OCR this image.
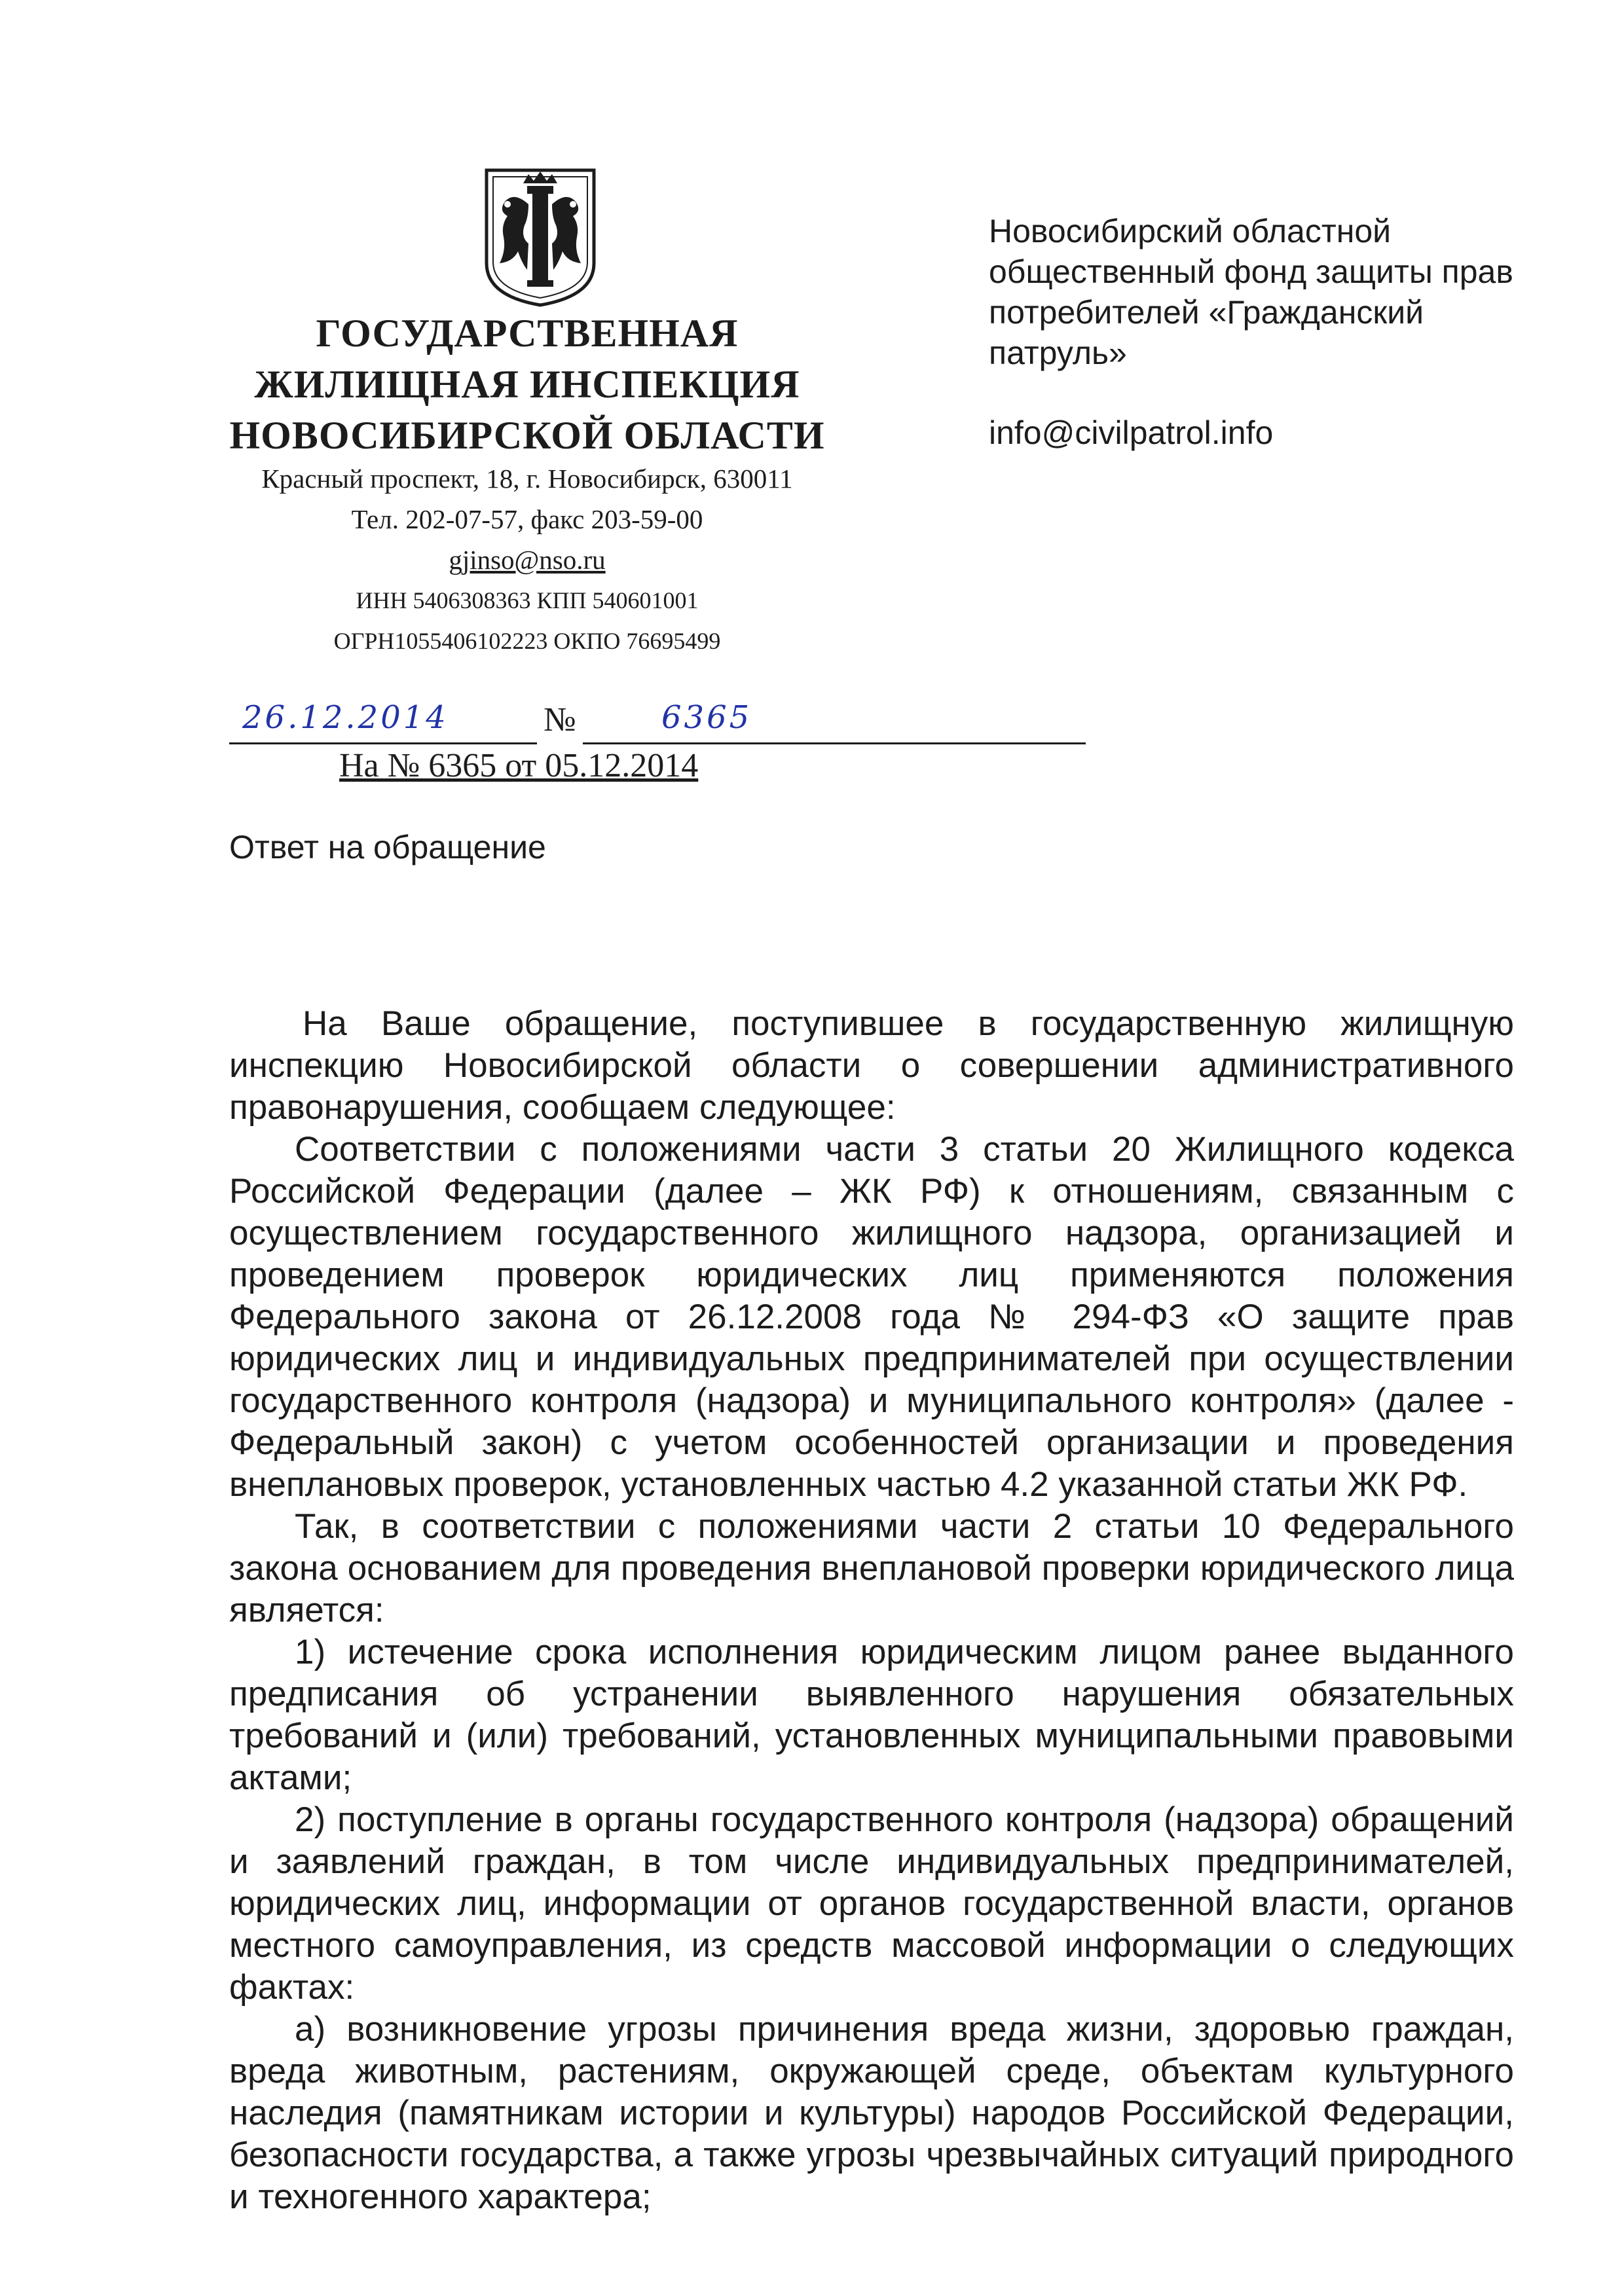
ГОСУДАРСТВЕННАЯ
ЖИЛИЩНАЯ ИНСПЕКЦИЯ
НОВОСИБИРСКОЙ ОБЛАСТИ
Красный проспект, 18, г. Новосибирск, 630011
Тел. 202-07-57, факс 203-59-00
gjinso@nso.ru
ИНН 5406308363 КПП 540601001
ОГРН1055406102223 ОКПО 76695499
Новосибирский областной
общественный фонд защиты прав
потребителей «Гражданский
патруль»
info@civilpatrol.info
26.12.2014	№	6365
На № 6365 от 05.12.2014
Ответ на обращение

На Ваше обращение, поступившее в государственную жилищную инспекцию Новосибирской области о совершении административного правонарушения, сообщаем следующее:

Соответствии с положениями части 3 статьи 20 Жилищного кодекса Российской Федерации (далее – ЖК РФ) к отношениям, связанным с осуществлением государственного жилищного надзора, организацией и проведением проверок юридических лиц применяются положения Федерального закона от 26.12.2008 года № 294-ФЗ «О защите прав юридических лиц и индивидуальных предпринимателей при осуществлении государственного контроля (надзора) и муниципального контроля» (далее - Федеральный закон) с учетом особенностей организации и проведения внеплановых проверок, установленных частью 4.2 указанной статьи ЖК РФ.

Так, в соответствии с положениями части 2 статьи 10 Федерального закона основанием для проведения внеплановой проверки юридического лица является:

1) истечение срока исполнения юридическим лицом ранее выданного предписания об устранении выявленного нарушения обязательных требований и (или) требований, установленных муниципальными правовыми актами;

2) поступление в органы государственного контроля (надзора) обращений и заявлений граждан, в том числе индивидуальных предпринимателей, юридических лиц, информации от органов государственной власти, органов местного самоуправления, из средств массовой информации о следующих фактах:

а) возникновение угрозы причинения вреда жизни, здоровью граждан, вреда животным, растениям, окружающей среде, объектам культурного наследия (памятникам истории и культуры) народов Российской Федерации, безопасности государства, а также угрозы чрезвычайных ситуаций природного и техногенного характера;
